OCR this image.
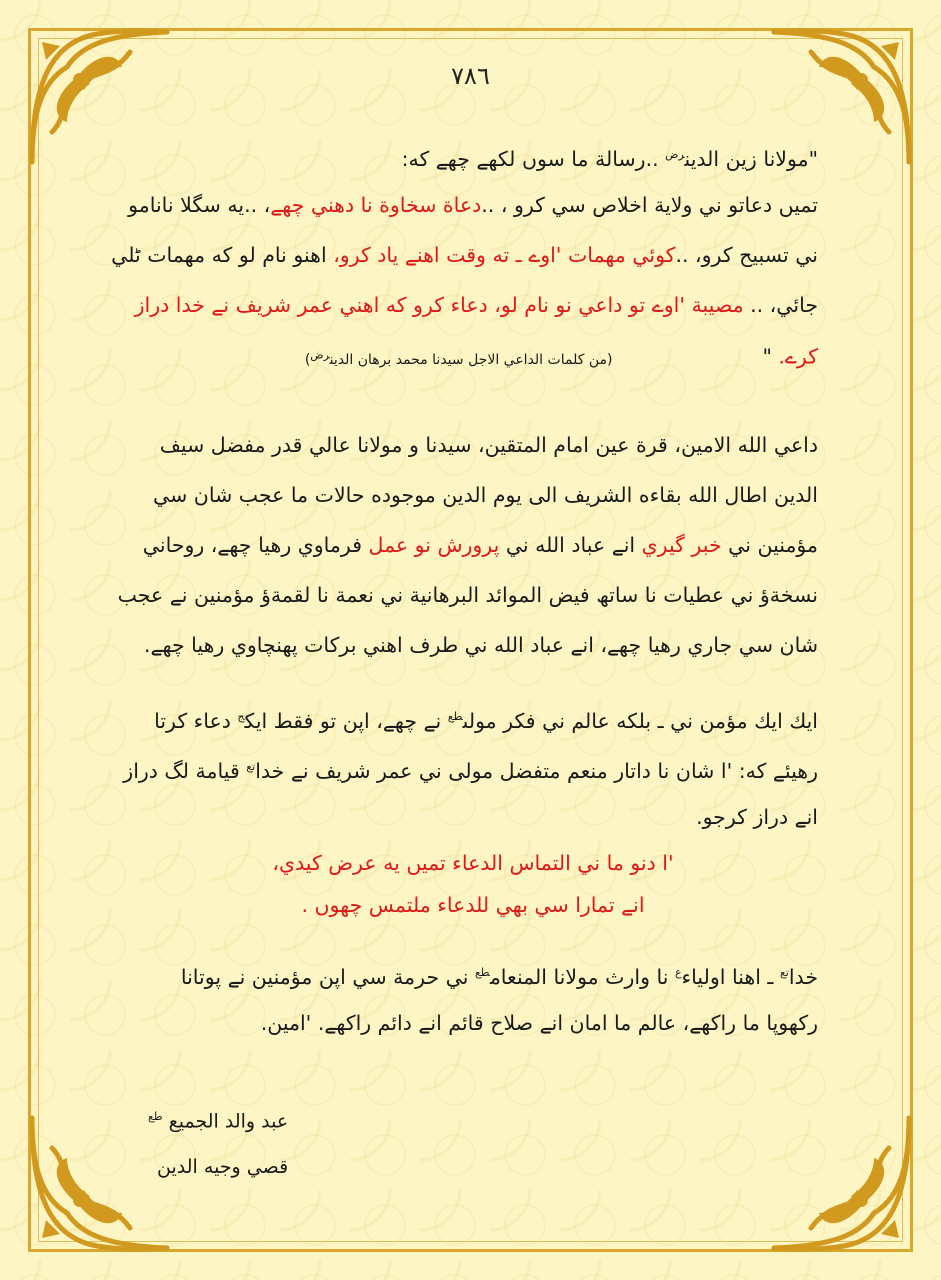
٧٨٦
"مولانا زين الدين$^{رض}$ ..رسالة ما سوں لكھے چھے كه:
تميں دعاتو ني ولاية اخلاص سي كرو ، ..دعاة سخاوة نا دهني چھے، ..يه سگلا نانامو
ني تسبيح كرو، ..كوئي مهمات 'اوے ـ ته وقت اهنے ياد كرو، اهنو نام لو كه مهمات ٹلي
جائي، .. مصيبة 'اوے تو داعي نو نام لو، دعاء كرو كه اهني عمر شريف نے خدا دراز
كرے. "(من كلمات الداعي الاجل سيدنا محمد برهان الدين$^{رض}$)
داعي الله الامين، قرة عين امام المتقين، سيدنا و مولانا عالي قدر مفضل سيف
الدين اطال الله بقاءه الشريف الى يوم الدين موجوده حالات ما عجب شان سي
مؤمنين ني خبر گيري انے عباد الله ني پرورش نو عمل فرماوي رهيا چھے، روحاني
نسخةؤ ني عطيات نا ساتھ فيض الموائد البرهانية ني نعمة نا لقمةؤ مؤمنين نے عجب
شان سي جاري رهيا چھے، انے عباد الله ني طرف اهني بركات پهنچاوي رهيا چھے.
ايك ايك مؤمن ني ـ بلكه عالم ني فكر مولى$^{طع}$ نے چھے، اپن تو فقط ايك$^ج$ دعاء كرتا
رهيئے كه: 'ا شان نا داتار منعم متفضل مولى ني عمر شريف نے خدا$^{تع}$ قيامة لگ دراز
انے دراز كرجو.
'ا دنو ما ني التماس الدعاء تميں يه عرض كيدي،
انے تمارا سي بھي للدعاء ملتمس چھوں .
خدا$^{تع}$ ـ اهنا اولياء$^ع$ نا وارث مولانا المنعام$^{طع}$ ني حرمة سي اپن مؤمنين نے پوتانا
ركھوپا ما راكھے، عالم ما امان انے صلاح قائم انے دائم راكھے. 'امين.
عبد والد الجميع $^{طع}$
قصي وجيه الدين
